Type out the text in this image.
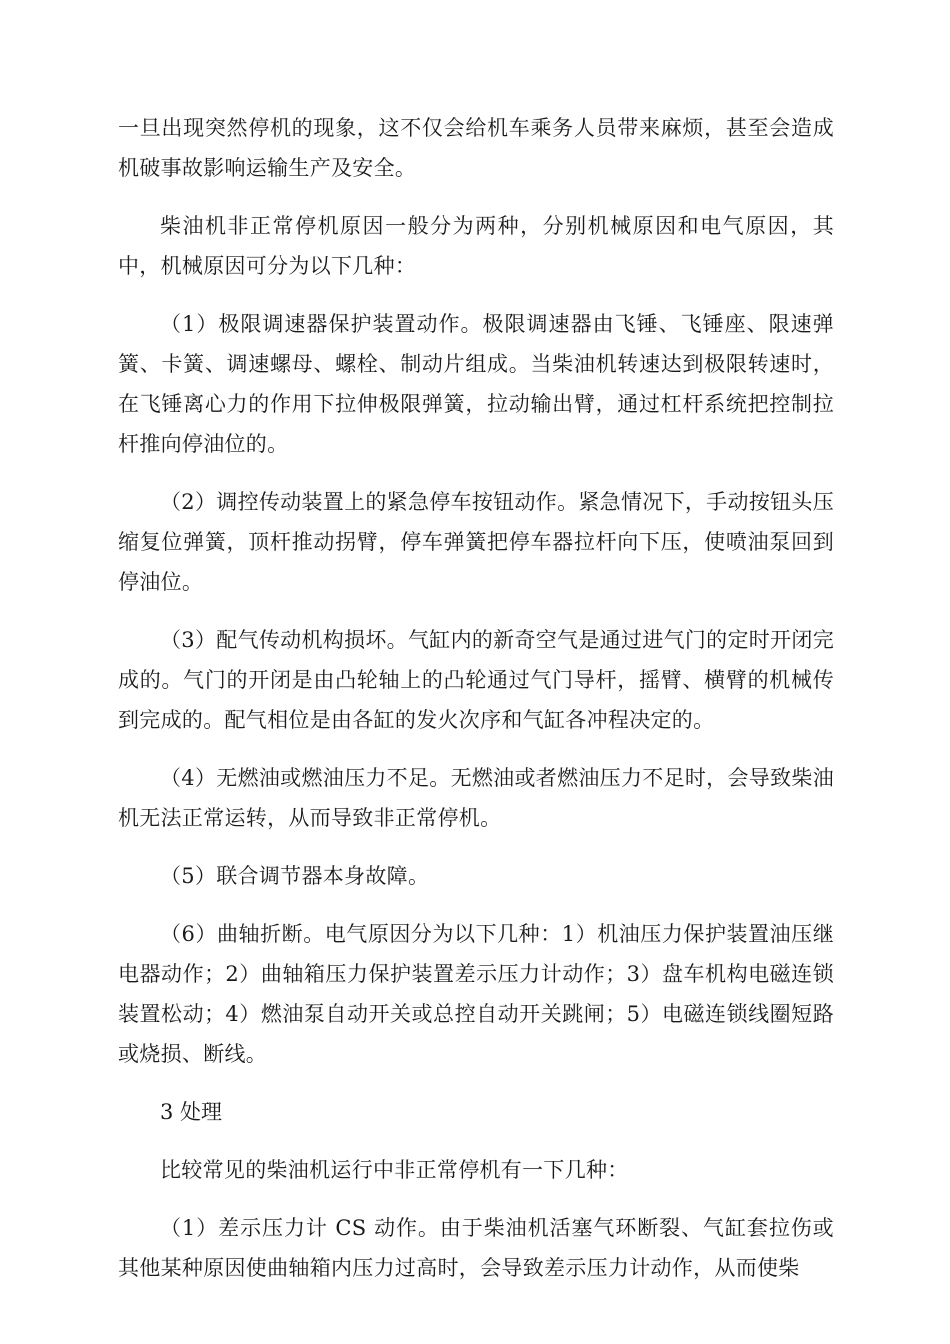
一旦出现突然停机的现象，这不仅会给机车乘务人员带来麻烦，甚至会造成机破事故影响运输生产及安全。

柴油机非正常停机原因一般分为两种，分别机械原因和电气原因，其中，机械原因可分为以下几种：

（1）极限调速器保护装置动作。极限调速器由飞锤、飞锤座、限速弹簧、卡簧、调速螺母、螺栓、制动片组成。当柴油机转速达到极限转速时，在飞锤离心力的作用下拉伸极限弹簧，拉动输出臂，通过杠杆系统把控制拉杆推向停油位的。

（2）调控传动装置上的紧急停车按钮动作。紧急情况下，手动按钮头压缩复位弹簧，顶杆推动拐臂，停车弹簧把停车器拉杆向下压，使喷油泵回到停油位。

（3）配气传动机构损坏。气缸内的新奇空气是通过进气门的定时开闭完成的。气门的开闭是由凸轮轴上的凸轮通过气门导杆，摇臂、横臂的机械传到完成的。配气相位是由各缸的发火次序和气缸各冲程决定的。

（4）无燃油或燃油压力不足。无燃油或者燃油压力不足时，会导致柴油机无法正常运转，从而导致非正常停机。

（5）联合调节器本身故障。

（6）曲轴折断。电气原因分为以下几种：1）机油压力保护装置油压继电器动作；2）曲轴箱压力保护装置差示压力计动作；3）盘车机构电磁连锁装置松动；4）燃油泵自动开关或总控自动开关跳闸；5）电磁连锁线圈短路或烧损、断线。

3 处理

比较常见的柴油机运行中非正常停机有一下几种：

（1）差示压力计 CS 动作。由于柴油机活塞气环断裂、气缸套拉伤或其他某种原因使曲轴箱内压力过高时，会导致差示压力计动作，从而使柴
